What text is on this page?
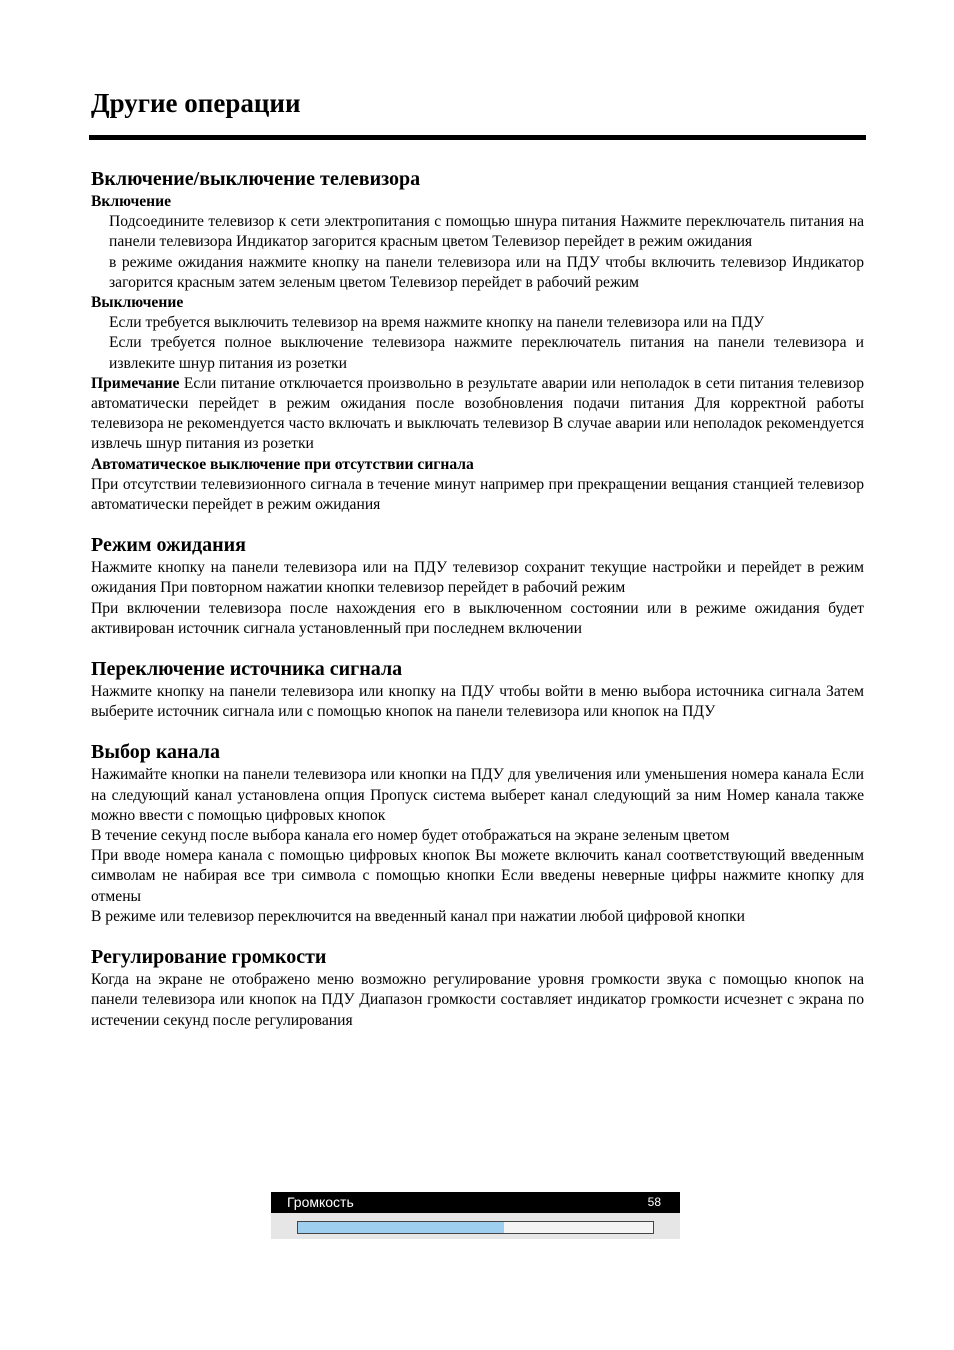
Другие операции
Включение/выключение телевизора
Включение

Подсоедините телевизор к сети электропитания с помощью шнура питания Нажмите переключатель питания на панели телевизора Индикатор загорится красным цветом Телевизор перейдет в режим ожидания

в режиме ожидания нажмите кнопку на панели телевизора или на ПДУ чтобы включить телевизор Индикатор загорится красным затем зеленым цветом Телевизор перейдет в рабочий режим

Выключение

Если требуется выключить телевизор на время нажмите кнопку на панели телевизора или на ПДУ

Если требуется полное выключение телевизора нажмите переключатель питания на панели телевизора и извлеките шнур питания из розетки

Примечание Если питание отключается произвольно в результате аварии или неполадок в сети питания телевизор автоматически перейдет в режим ожидания после возобновления подачи питания Для корректной работы телевизора не рекомендуется часто включать и выключать телевизор В случае аварии или неполадок рекомендуется извлечь шнур питания из розетки

Автоматическое выключение при отсутствии сигнала

При отсутствии телевизионного сигнала в течение минут например при прекращении вещания станцией телевизор автоматически перейдет в режим ожидания

Режим ожидания

Нажмите кнопку на панели телевизора или на ПДУ телевизор сохранит текущие настройки и перейдет в режим ожидания При повторном нажатии кнопки телевизор перейдет в рабочий режим

При включении телевизора после нахождения его в выключенном состоянии или в режиме ожидания будет активирован источник сигнала установленный при последнем включении

Переключение источника сигнала

Нажмите кнопку на панели телевизора или кнопку на ПДУ чтобы войти в меню выбора источника сигнала Затем выберите источник сигнала или с помощью кнопок на панели телевизора или кнопок на ПДУ

Выбор канала

Нажимайте кнопки на панели телевизора или кнопки на ПДУ для увеличения или уменьшения номера канала Если на следующий канал установлена опция Пропуск система выберет канал следующий за ним Номер канала также можно ввести с помощью цифровых кнопок

В течение секунд после выбора канала его номер будет отображаться на экране зеленым цветом

При вводе номера канала с помощью цифровых кнопок Вы можете включить канал соответствующий введенным символам не набирая все три символа с помощью кнопки Если введены неверные цифры нажмите кнопку для отмены

В режиме или телевизор переключится на введенный канал при нажатии любой цифровой кнопки

Регулирование громкости

Когда на экране не отображено меню возможно регулирование уровня громкости звука с помощью кнопок на панели телевизора или кнопок на ПДУ Диапазон громкости составляет индикатор громкости исчезнет с экрана по истечении секунд после регулирования

Громкость	58
